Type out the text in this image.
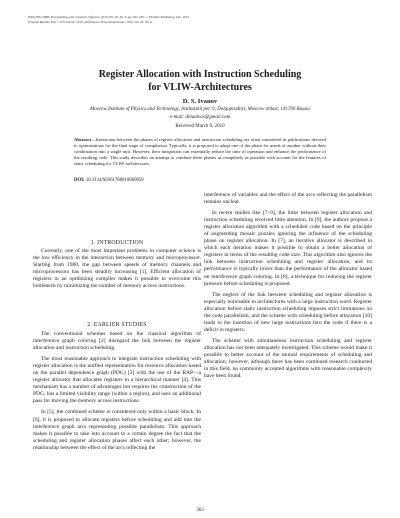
ISSN 0361-7688, Programming and Computer Software, 2010, Vol. 36, No. 6, pp. 363–367. © Pleiades Publishing, Ltd., 2010.
Original Russian Text © D.S. Ivanov, 2010, published in Programmirovanie, 2010, Vol. 36, No. 6.
Register Allocation with Instruction Scheduling
for VLIW-Architectures
D. S. Ivanov
Moscow Institute of Physics and Technology, Institutskii per. 9, Dolgoprudnyi, Moscow oblast, 141700 Russia
e-mail: dimanvos@gmail.com
Received March 9, 2010
Abstract—Interaction between the phases of register allocation and instruction scheduling are often considered in publications devoted to optimizations for the final stage of compilation. Typically, it is proposed to adapt one of the phase for needs of another without their combination into a single unit. However, their integration can essentially reduce the time of operation and enhance the performance of the resulting code. This study describes an attempt to combine these phases as completely as possible with account for the features of static scheduling for VLIW-architectures.
DOI: 10.1134/S0361768810060058
1. INTRODUCTION

Currently, one of the most important problems in computer science is the low efficiency in the interaction between memory and microprocessor. Starting from 1980, the gap between speeds of memory channels and microprocessors has been steadily increasing [1]. Efficient allocation of registers in an optimizing compiler makes it possible to overcome this bottleneck by minimizing the number of memory access instructions.

2. EARLIER STUDIES

The conventional schemes based on the classical algorithm of interference graph coloring [2] disregard the link between the register allocation and instruction scheduling.

The most reasonable approach to integrate instruction scheduling with register allocation is the unified representation for resource allocation based on the parallel dependence graph (PDG) [3] with the use of the RAP—a register allocator that allocates registers in a hierarchical manner [4]. This mechanism has a number of advantages but requires the construction of the PDG, has a limited visibility range (within a region), and uses an additional pass for moving the memory access instructions.

In [5], the combined scheme is considered only within a basic block. In [6], it is proposed to allocate registers before scheduling and add into the interference graph arcs representing possible parallelism. This approach makes it possible to take into account to a certain degree the fact that the scheduling and register allocation phases affect each other; however, the relationship between the effect of the arcs reflecting the

interference of variables and the effect of the arcs reflecting the parallelism remains unclear.

In recent studies like [7–9], the links between register allocation and instruction scheduling received little attention. In [9], the authors propose a register allocation algorithm with a scheduled code based on the principle of augmenting mosaic puzzles ignoring the influence of the scheduling phase on register allocation. In [7], an iterative allocator is described in which each iteration makes it possible to obtain a better allocation of registers in terms of the resulting code size. This algorithm also ignores the link between instruction scheduling and register allocation, and its performance is typically lower than the performance of the allocator based on interference graph coloring. In [8], a technique for reducing the register pressure before scheduling is proposed.

The neglect of the link between scheduling and register allocation is especially noticeable in architectures with a large instruction word. Register allocation before static instruction scheduling imposes strict limitations on the code parallelism, and the scheme with scheduling before allocation [10] leads to the insertion of new large instructions into the code if there is a deficit in registers.

The scheme with simultaneous instruction scheduling and register allocation has not been adequately investigated. This scheme would make it possible to better account of the mutual requirements of scheduling and allocation; however, although there has been continued research conducted in this field, no commonly accepted algorithms with reasonable complexity have been found.

363
